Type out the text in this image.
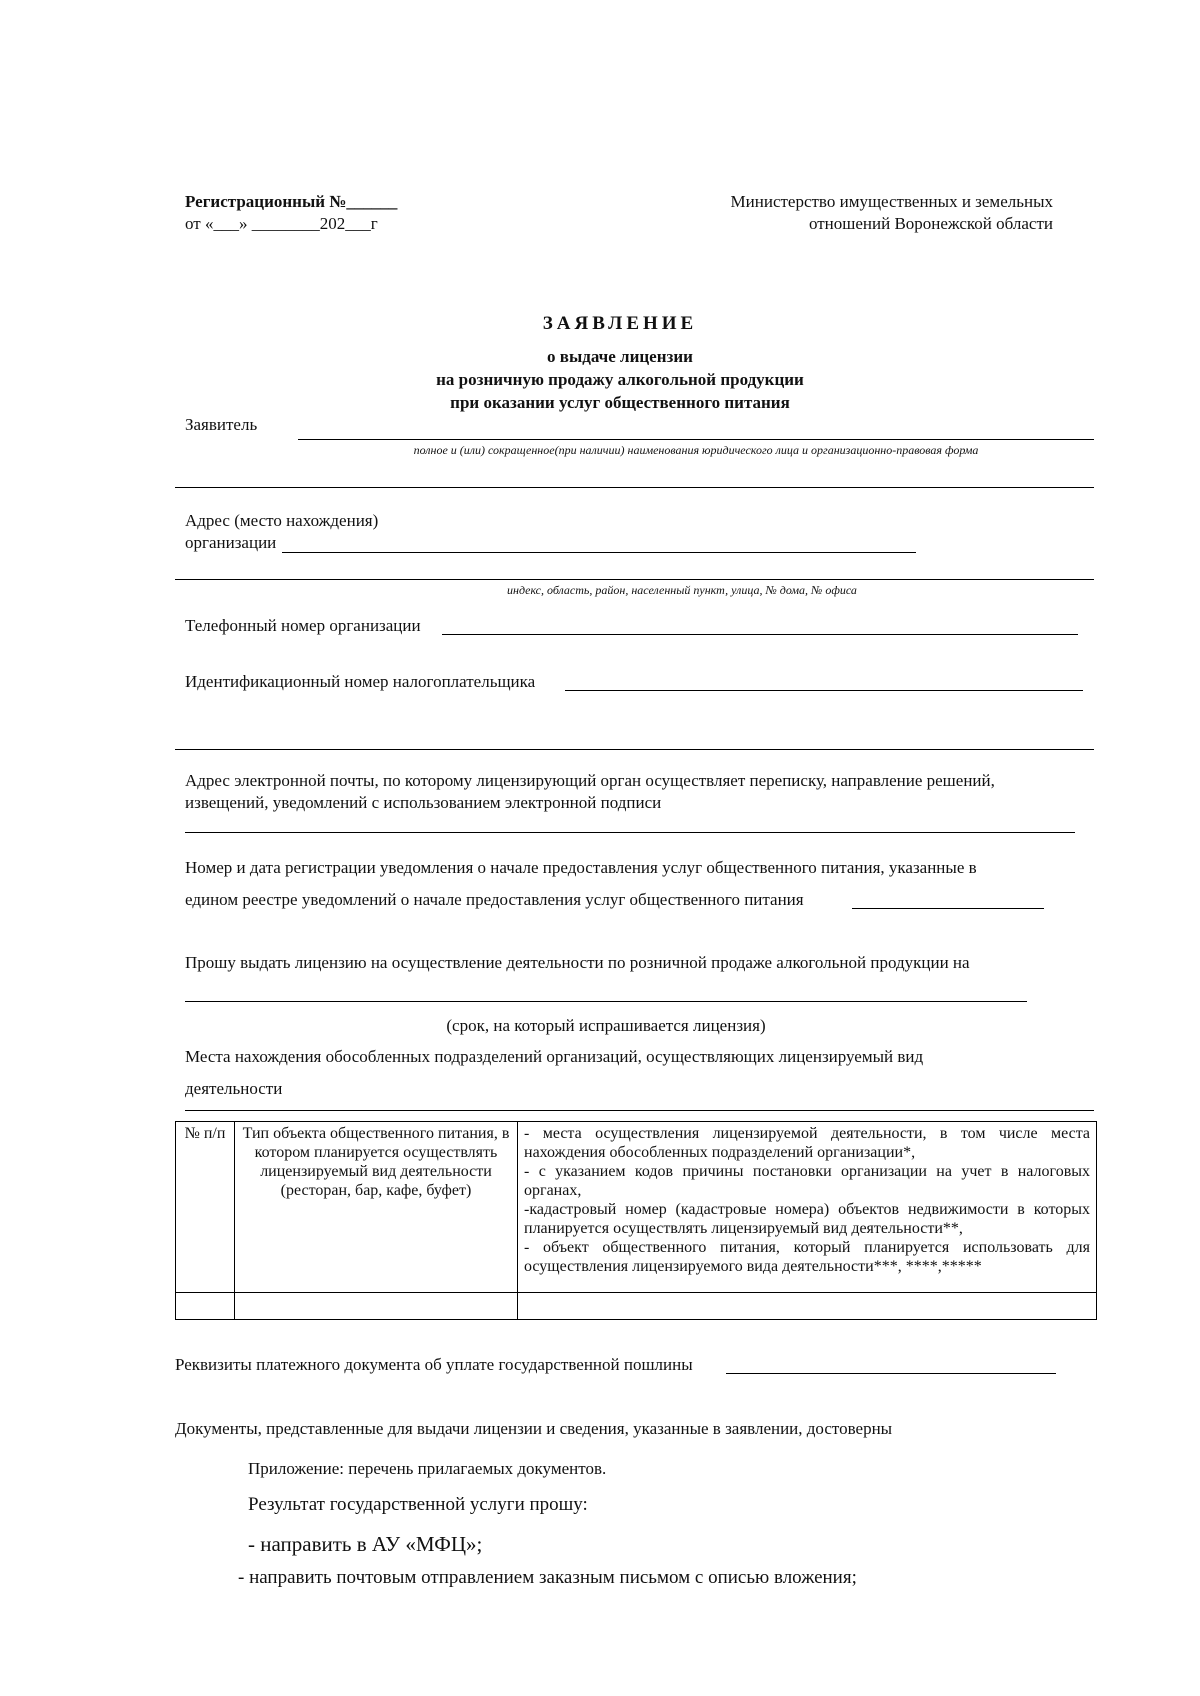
Регистрационный №______
от «___» ________202___г
Министерство имущественных и земельных
отношений Воронежской области
ЗАЯВЛЕНИЕ
о выдаче лицензии
на розничную продажу алкогольной продукции
при оказании услуг общественного питания
Заявитель
полное и (или) сокращенное(при наличии) наименования юридического лица и организационно-правовая форма
Адрес (место нахождения)
организации
индекс, область, район, населенный пункт, улица, № дома, № офиса
Телефонный номер организации
Идентификационный номер налогоплательщика
Адрес электронной почты, по которому лицензирующий орган осуществляет переписку, направление решений,
извещений, уведомлений с использованием электронной подписи
Номер и дата регистрации уведомления о начале предоставления услуг общественного питания, указанные в
едином реестре уведомлений о начале предоставления услуг общественного питания
Прошу выдать лицензию на осуществление деятельности по розничной продаже алкогольной продукции на
(срок, на который испрашивается лицензия)
Места нахождения обособленных подразделений организаций, осуществляющих лицензируемый вид
деятельности
№ п/п	Тип объекта общественного питания, в котором планируется осуществлять лицензируемый вид деятельности (ресторан, бар, кафе, буфет)	- места осуществления лицензируемой деятельности, в том числе места нахождения обособленных подразделений организации*,
- с указанием кодов причины постановки организации на учет в налоговых органах,
-кадастровый номер (кадастровые номера) объектов недвижимости в которых планируется осуществлять лицензируемый вид деятельности**,
- объект общественного питания, который планируется использовать для осуществления лицензируемого вида деятельности***, ****,*****

Реквизиты платежного документа об уплате государственной пошлины
Документы, представленные для выдачи лицензии и сведения, указанные в заявлении, достоверны
Приложение: перечень прилагаемых документов.
Результат государственной услуги прошу:
- направить в АУ «МФЦ»;
- направить почтовым отправлением заказным письмом с описью вложения;
